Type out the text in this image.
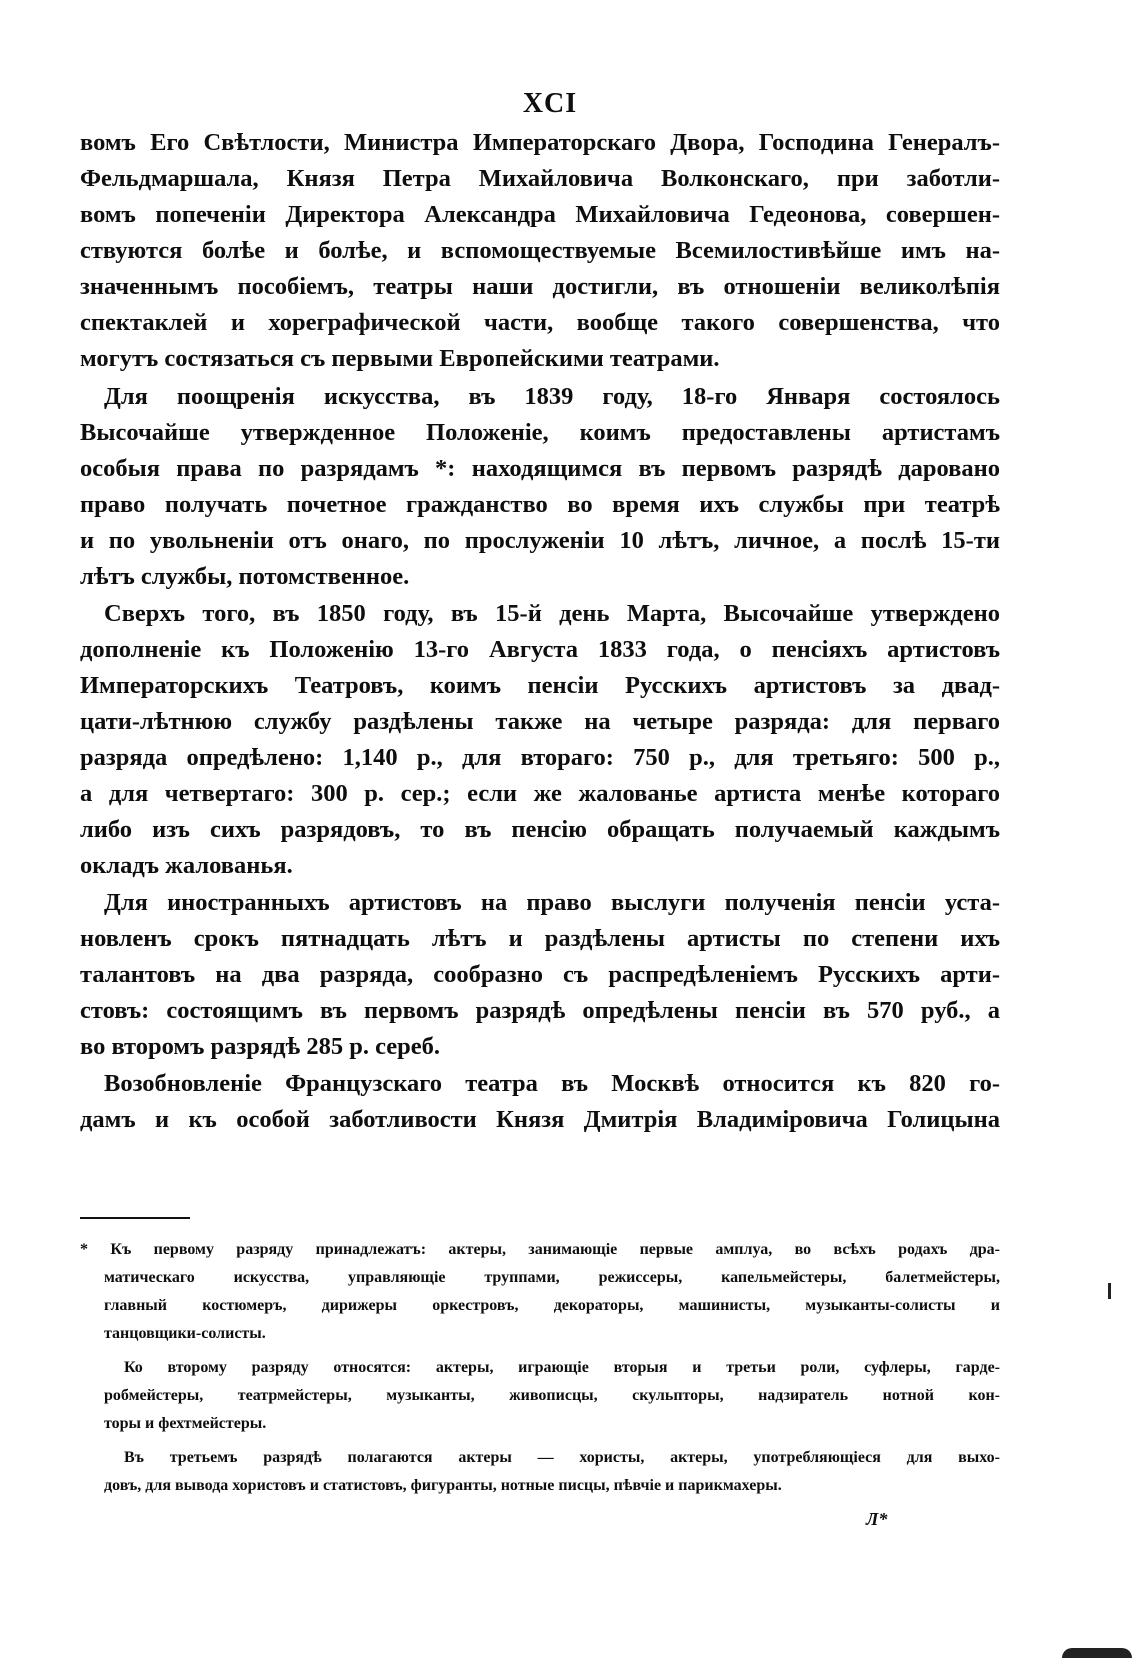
XCI
вомъ Его Свѣтлости, Министра Императорскаго Двора, Господина Генералъ-
Фельдмаршала, Князя Петра Михайловича Волконскаго, при заботли-
вомъ попеченіи Директора Александра Михайловича Гедеонова, совершен-
ствуются болѣе и болѣе, и вспомоществуемые Всемилостивѣйше имъ на-
значеннымъ пособіемъ, театры наши достигли, въ отношеніи великолѣпія
спектаклей и хореграфической части, вообще такого совершенства, что
могутъ состязаться съ первыми Европейскими театрами.
Для поощренія искусства, въ 1839 году, 18-го Января состоялось
Высочайше утвержденное Положеніе, коимъ предоставлены артистамъ
особыя права по разрядамъ *: находящимся въ первомъ разрядѣ даровано
право получать почетное гражданство во время ихъ службы при театрѣ
и по увольненіи отъ онаго, по прослуженіи 10 лѣтъ, личное, а послѣ 15-ти
лѣтъ службы, потомственное.
Сверхъ того, въ 1850 году, въ 15-й день Марта, Высочайше утверждено
дополненіе къ Положенію 13-го Августа 1833 года, о пенсіяхъ артистовъ
Императорскихъ Театровъ, коимъ пенсіи Русскихъ артистовъ за двад-
цати-лѣтнюю службу раздѣлены также на четыре разряда: для перваго
разряда опредѣлено: 1,140 р., для втораго: 750 р., для третьяго: 500 р.,
а для четвертаго: 300 р. сер.; если же жалованье артиста менѣе котораго
либо изъ сихъ разрядовъ, то въ пенсію обращать получаемый каждымъ
окладъ жалованья.
Для иностранныхъ артистовъ на право выслуги полученія пенсіи уста-
новленъ срокъ пятнадцать лѣтъ и раздѣлены артисты по степени ихъ
талантовъ на два разряда, сообразно съ распредѣленіемъ Русскихъ арти-
стовъ: состоящимъ въ первомъ разрядѣ опредѣлены пенсіи въ 570 руб., а
во второмъ разрядѣ 285 р. сереб.
Возобновленіе Французскаго театра въ Москвѣ относится къ 820 го-
дамъ и къ особой заботливости Князя Дмитрія Владиміровича Голицына
* Къ первому разряду принадлежатъ: актеры, занимающіе первые амплуа, во всѣхъ родахъ дра-
матическаго искусства, управляющіе труппами, режиссеры, капельмейстеры, балетмейстеры,
главный костюмеръ, дирижеры оркестровъ, декораторы, машинисты, музыканты-солисты и
танцовщики-солисты.
Ко второму разряду относятся: актеры, играющіе вторыя и третьи роли, суфлеры, гарде-
робмейстеры, театрмейстеры, музыканты, живописцы, скульпторы, надзиратель нотной кон-
торы и фехтмейстеры.
Въ третьемъ разрядѣ полагаются актеры — хористы, актеры, употребляющіеся для выхо-
довъ, для вывода хористовъ и статистовъ, фигуранты, нотные писцы, пѣвчіе и парикмахеры.
Л*
